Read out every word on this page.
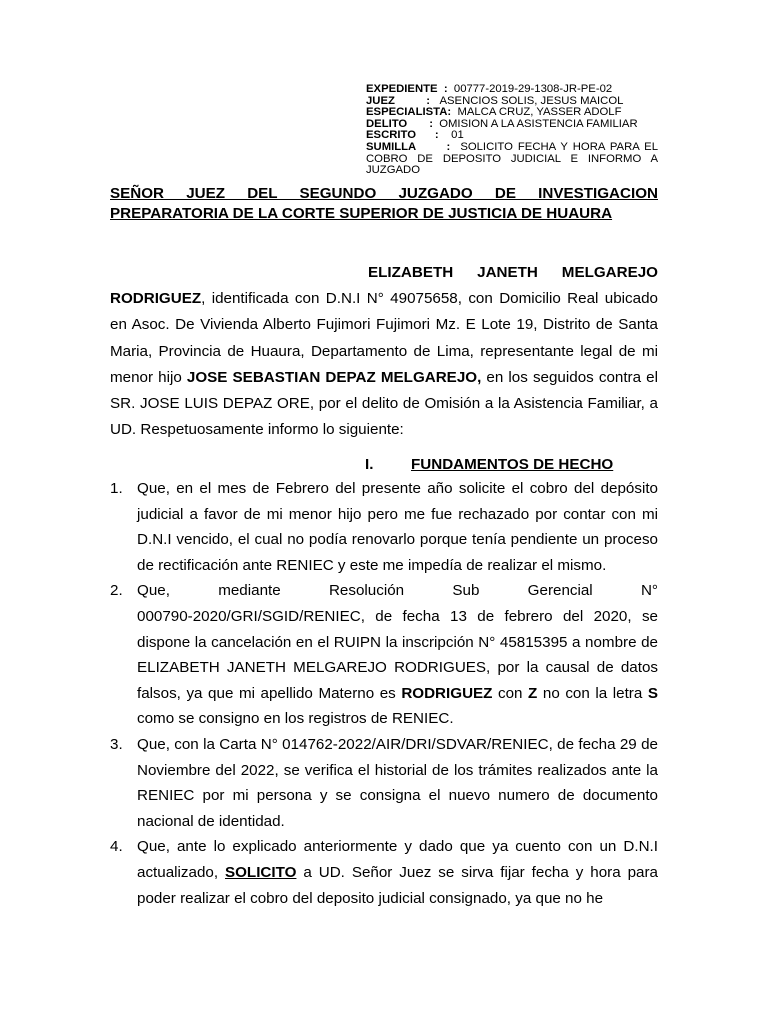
EXPEDIENTE  :  00777-2019-29-1308-JR-PE-02
JUEZ          :   ASENCIOS SOLIS, JESUS MAICOL
ESPECIALISTA: MALCA CRUZ, YASSER ADOLF
DELITO       :  OMISION A LA ASISTENCIA FAMILIAR
ESCRITO      :    01
SUMILLA      :  SOLICITO FECHA Y HORA PARA EL COBRO DE DEPOSITO JUDICIAL E INFORMO A JUZGADO
SEÑOR JUEZ DEL SEGUNDO JUZGADO DE INVESTIGACION
PREPARATORIA DE LA CORTE SUPERIOR DE JUSTICIA DE HUAURA
ELIZABETH JANETH MELGAREJO
RODRIGUEZ, identificada con D.N.I N° 49075658, con Domicilio Real ubicado en Asoc. De Vivienda Alberto Fujimori Fujimori Mz. E Lote 19, Distrito de Santa Maria, Provincia de Huaura, Departamento de Lima, representante legal de mi menor hijo JOSE SEBASTIAN DEPAZ MELGAREJO, en los seguidos contra el SR. JOSE LUIS DEPAZ ORE, por el delito de Omisión a la Asistencia Familiar, a UD. Respetuosamente informo lo siguiente:
I. FUNDAMENTOS DE HECHO
1. Que, en el mes de Febrero del presente año solicite el cobro del depósito judicial a favor de mi menor hijo pero me fue rechazado por contar con mi D.N.I vencido, el cual no podía renovarlo porque tenía pendiente un proceso de rectificación ante RENIEC y este me impedía de realizar el mismo.
2. Que, mediante Resolución Sub Gerencial N°
000790-2020/GRI/SGID/RENIEC, de fecha 13 de febrero del 2020, se dispone la cancelación en el RUIPN la inscripción N° 45815395 a nombre de ELIZABETH JANETH MELGAREJO RODRIGUES, por la causal de datos falsos, ya que mi apellido Materno es RODRIGUEZ con Z no con la letra S como se consigno en los registros de RENIEC.
3. Que, con la Carta N° 014762-2022/AIR/DRI/SDVAR/RENIEC, de fecha 29 de Noviembre del 2022, se verifica el historial de los trámites realizados ante la RENIEC por mi persona y se consigna el nuevo numero de documento nacional de identidad.
4. Que, ante lo explicado anteriormente y dado que ya cuento con un D.N.I actualizado, SOLICITO a UD. Señor Juez se sirva fijar fecha y hora para poder realizar el cobro del deposito judicial consignado, ya que no he
